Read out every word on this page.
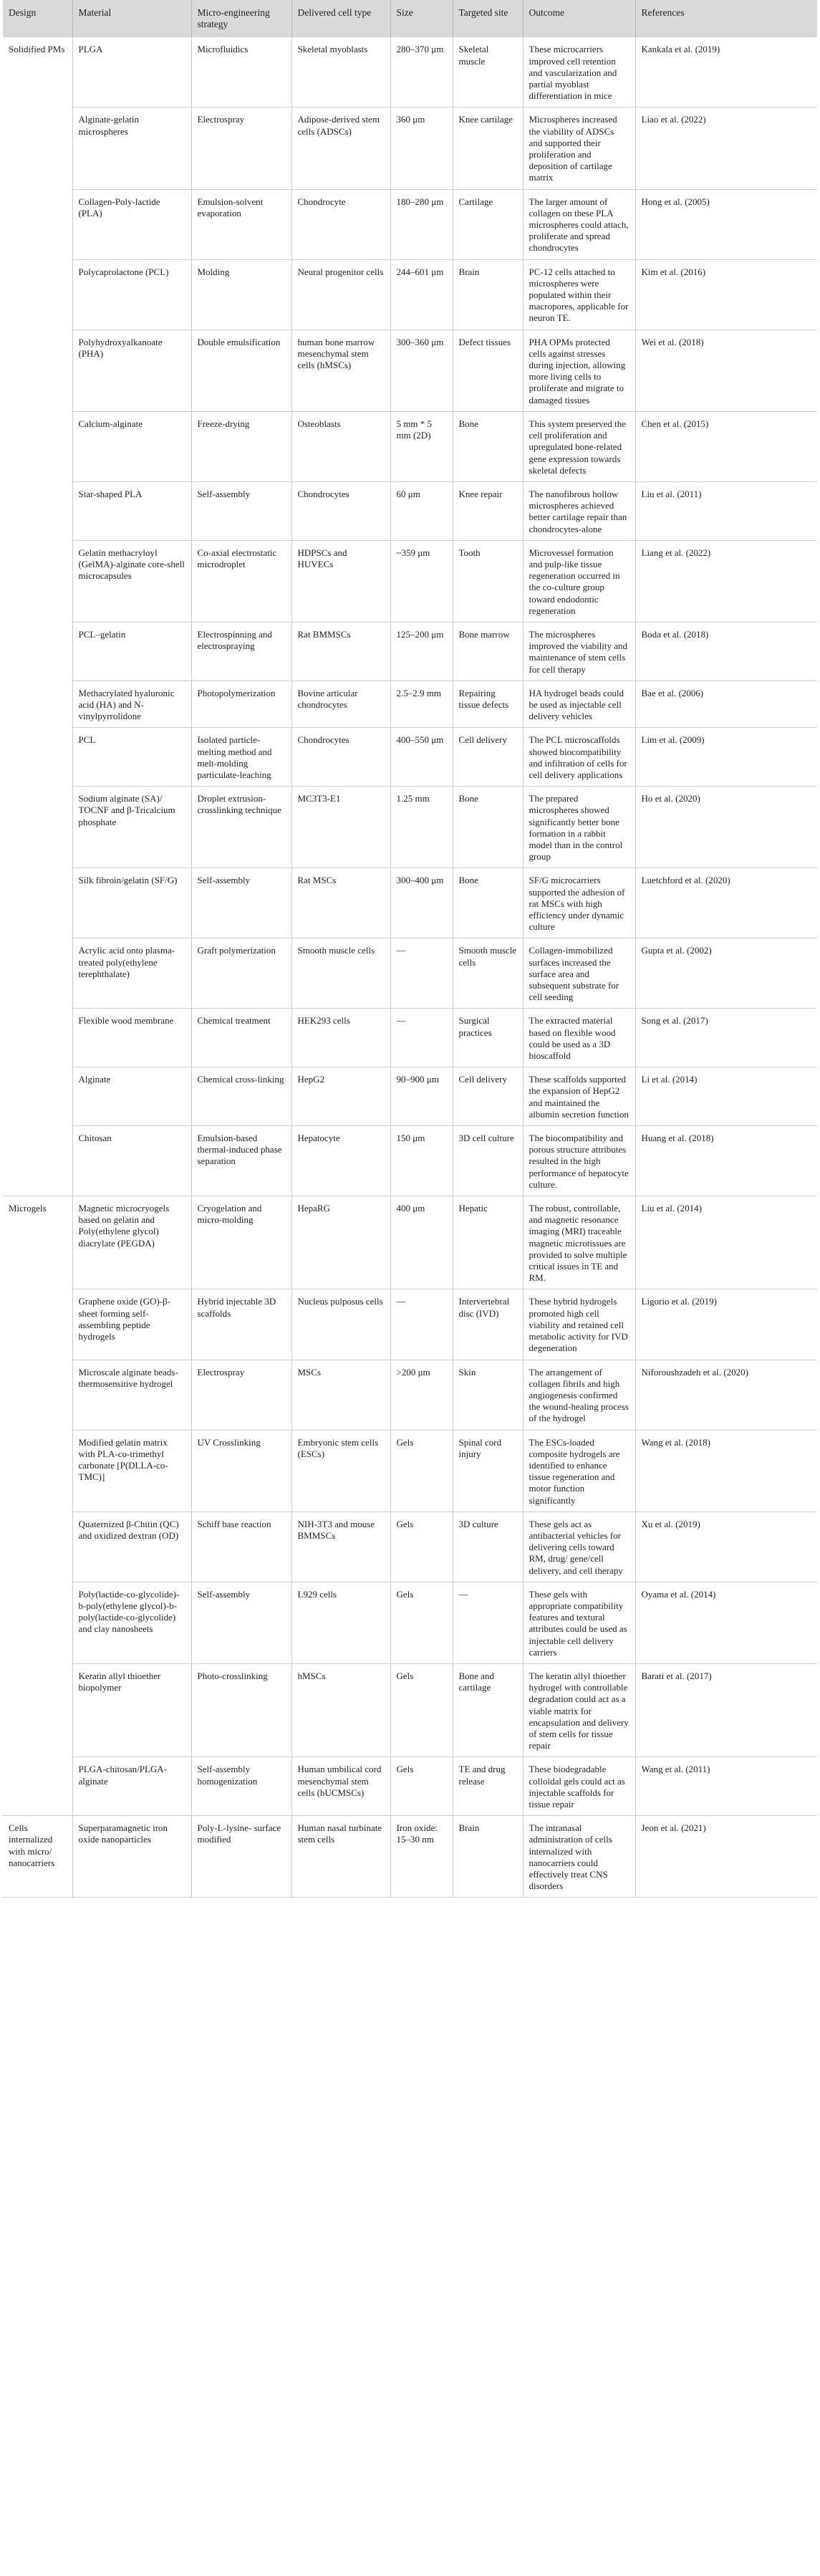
Design	Material	Micro-engineering strategy	Delivered cell type	Size	Targeted site	Outcome	References
Solidified PMs	PLGA	Microfluidics	Skeletal myoblasts	280–370 μm	Skeletal muscle	These microcarriers improved cell retention and vascularization and partial myoblast differentiation in mice	Kankala et al. (2019)
	Alginate-gelatin microspheres	Electrospray	Adipose-derived stem cells (ADSCs)	360 μm	Knee cartilage	Microspheres increased the viability of ADSCs and supported their proliferation and deposition of cartilage matrix	Liao et al. (2022)
	Collagen-Poly-lactide (PLA)	Emulsion-solvent evaporation	Chondrocyte	180–280 μm	Cartilage	The larger amount of collagen on these PLA microspheres could attach, proliferate and spread chondrocytes	Hong et al. (2005)
	Polycaprolactone (PCL)	Molding	Neural progenitor cells	244–601 μm	Brain	PC-12 cells attached to microspheres were populated within their macropores, applicable for neuron TE.	Kim et al. (2016)
	Polyhydroxyalkanoate (PHA)	Double emulsification	human bone marrow mesenchymal stem cells (hMSCs)	300–360 μm	Defect tissues	PHA OPMs protected cells against stresses during injection, allowing more living cells to proliferate and migrate to damaged tissues	Wei et al. (2018)
	Calcium-alginate	Freeze-drying	Osteoblasts	5 mm * 5 mm (2D)	Bone	This system preserved the cell proliferation and upregulated bone-related gene expression towards skeletal defects	Chen et al. (2015)
	Star-shaped PLA	Self-assembly	Chondrocytes	60 μm	Knee repair	The nanofibrous hollow microspheres achieved better cartilage repair than chondrocytes-alone	Liu et al. (2011)
	Gelatin methacryloyl (GelMA)-alginate core-shell microcapsules	Co-axial electrostatic microdroplet	HDPSCs and HUVECs	~359 μm	Tooth	Microvessel formation and pulp-like tissue regeneration occurred in the co-culture group toward endodontic regeneration	Liang et al. (2022)
	PCL–gelatin	Electrospinning and electrospraying	Rat BMMSCs	125–200 μm	Bone marrow	The microspheres improved the viability and maintenance of stem cells for cell therapy	Boda et al. (2018)
	Methacrylated hyaluronic acid (HA) and N-vinylpyrrolidone	Photopolymerization	Bovine articular chondrocytes	2.5–2.9 mm	Repairing tissue defects	HA hydrogel beads could be used as injectable cell delivery vehicles	Bae et al. (2006)
	PCL	Isolated particle-melting method and melt-molding particulate-leaching	Chondrocytes	400–550 μm	Cell delivery	The PCL microscaffolds showed biocompatibility and infiltration of cells for cell delivery applications	Lim et al. (2009)
	Sodium alginate (SA)/ TOCNF and β-Tricalcium phosphate	Droplet extrusion-crosslinking technique	MC3T3-E1	1.25 mm	Bone	The prepared microspheres showed significantly better bone formation in a rabbit model than in the control group	Ho et al. (2020)
	Silk fibroin/gelatin (SF/G)	Self-assembly	Rat MSCs	300–400 μm	Bone	SF/G microcarriers supported the adhesion of rat MSCs with high efficiency under dynamic culture	Luetchford et al. (2020)
	Acrylic acid onto plasma-treated poly(ethylene terephthalate)	Graft polymerization	Smooth muscle cells	—	Smooth muscle cells	Collagen-immobilized surfaces increased the surface area and subsequent substrate for cell seeding	Gupta et al. (2002)
	Flexible wood membrane	Chemical treatment	HEK293 cells	—	Surgical practices	The extracted material based on flexible wood could be used as a 3D bioscaffold	Song et al. (2017)
	Alginate	Chemical cross-linking	HepG2	90–900 μm	Cell delivery	These scaffolds supported the expansion of HepG2 and maintained the albumin secretion function	Li et al. (2014)
	Chitosan	Emulsion-based thermal-induced phase separation	Hepatocyte	150 μm	3D cell culture	The biocompatibility and porous structure attributes resulted in the high performance of hepatocyte culture.	Huang et al. (2018)
Microgels	Magnetic microcryogels based on gelatin and Poly(ethylene glycol) diacrylate (PEGDA)	Cryogelation and micro-molding	HepaRG	400 μm	Hepatic	The robust, controllable, and magnetic resonance imaging (MRI) traceable magnetic microtissues are provided to solve multiple critical issues in TE and RM.	Liu et al. (2014)
	Graphene oxide (GO)-β-sheet forming self-assembling peptide hydrogels	Hybrid injectable 3D scaffolds	Nucleus pulposus cells	—	Intervertebral disc (IVD)	These hybrid hydrogels promoted high cell viability and retained cell metabolic activity for IVD degeneration	Ligorio et al. (2019)
	Microscale alginate beads-thermosensitive hydrogel	Electrospray	MSCs	>200 μm	Skin	The arrangement of collagen fibrils and high angiogenesis confirmed the wound-healing process of the hydrogel	Niforoushzadeh et al. (2020)
	Modified gelatin matrix with PLA-co-trimethyl carbonate [P(DLLA-co-TMC)]	UV Crosslinking	Embryonic stem cells (ESCs)	Gels	Spinal cord injury	The ESCs-loaded composite hydrogels are identified to enhance tissue regeneration and motor function significantly	Wang et al. (2018)
	Quaternized β-Chitin (QC) and oxidized dextran (OD)	Schiff base reaction	NIH-3T3 and mouse BMMSCs	Gels	3D culture	These gels act as antibacterial vehicles for delivering cells toward RM, drug/ gene/cell delivery, and cell therapy	Xu et al. (2019)
	Poly(lactide-co-glycolide)-b-poly(ethylene glycol)-b-poly(lactide-co-glycolide) and clay nanosheets	Self-assembly	L929 cells	Gels	—	These gels with appropriate compatibility features and textural attributes could be used as injectable cell delivery carriers	Oyama et al. (2014)
	Keratin allyl thioether biopolymer	Photo-crosslinking	hMSCs	Gels	Bone and cartilage	The keratin allyl thioether hydrogel with controllable degradation could act as a viable matrix for encapsulation and delivery of stem cells for tissue repair	Barati et al. (2017)
	PLGA-chitosan/PLGA-alginate	Self-assembly homogenization	Human umbilical cord mesenchymal stem cells (hUCMSCs)	Gels	TE and drug release	These biodegradable colloidal gels could act as injectable scaffolds for tissue repair	Wang et al. (2011)
Cells internalized with micro/ nanocarriers	Superparamagnetic iron oxide nanoparticles	Poly-L-lysine- surface modified	Human nasal turbinate stem cells	Iron oxide: 15–30 nm	Brain	The intranasal administration of cells internalized with nanocarriers could effectively treat CNS disorders	Jeon et al. (2021)
